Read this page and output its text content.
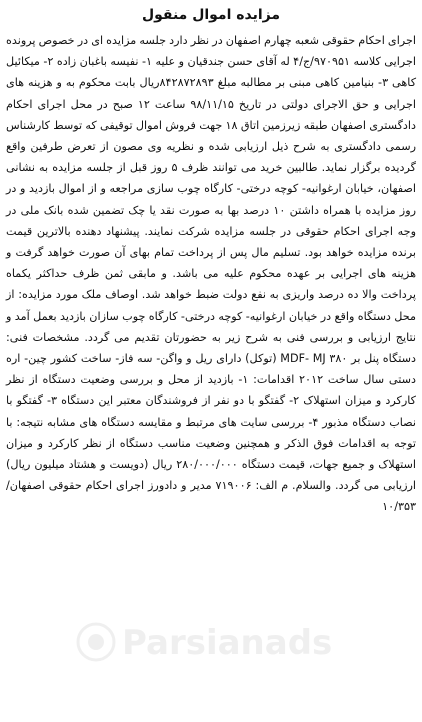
مزایده اموال منقول

اجرای احکام حقوقی شعبه چهارم اصفهان در نظر دارد جلسه مزایده ای در خصوص پرونده اجرایی کلاسه ۹۷۰۹۵۱/ج/۴ له آقای حسن جندقیان و علیه ۱- نفیسه باغبان زاده ۲- میکائیل کاهی ۳- بنیامین کاهی مبنی بر مطالبه مبلغ ۸۴۲۸۷۲۸۹۳ریال بابت محکوم به و هزینه های اجرایی و حق الاجرای دولتی در تاریخ ۹۸/۱۱/۱۵ ساعت ۱۲ صبح در محل اجرای احکام دادگستری اصفهان طبقه زیرزمین اتاق ۱۸ جهت فروش اموال توقیفی که توسط کارشناس رسمی دادگستری به شرح ذیل ارزیابی شده و نظریه وی مصون از تعرض طرفین واقع گردیده برگزار نماید. طالبین خرید می توانند ظرف ۵ روز قبل از جلسه مزایده به نشانی اصفهان، خیابان ارغوانیه- کوچه درختی- کارگاه چوب سازی مراجعه و از اموال بازدید و در روز مزایده با همراه داشتن ۱۰ درصد بها به صورت نقد یا چک تضمین شده بانک ملی در وجه اجرای احکام حقوقی در جلسه مزایده شرکت نمایند. پیشنهاد دهنده بالاترین قیمت برنده مزایده خواهد بود. تسلیم مال پس از پرداخت تمام بهای آن صورت خواهد گرفت و هزینه های اجرایی بر عهده محکوم علیه می باشد. و مابقی ثمن ظرف حداکثر یکماه پرداخت والا ده درصد واریزی به نفع دولت ضبط خواهد شد. اوصاف ملک مورد مزایده: از محل دستگاه واقع در خیابان ارغوانیه- کوچه درختی- کارگاه چوب سازان بازدید بعمل آمد و نتایج ارزیابی و بررسی فنی به شرح زیر به حضورتان تقدیم می گردد. مشخصات فنی: دستگاه پنل بر MDF- MJ ۳۸۰ (توکل) دارای ریل و واگن- سه فاز- ساخت کشور چین- اره دستی سال ساخت ۲۰۱۲ اقدامات: ۱- بازدید از محل و بررسی وضعیت دستگاه از نظر کارکرد و میزان استهلاک ۲- گفتگو با دو نفر از فروشندگان معتبر این دستگاه ۳- گفتگو با نصاب دستگاه مذبور ۴- بررسی سایت های مرتبط و مقایسه دستگاه های مشابه نتیجه: با توجه به اقدامات فوق الذکر و همچنین وضعیت مناسب دستگاه از نظر کارکرد و میزان استهلاک و جمیع جهات، قیمت دستگاه ۲۸۰/۰۰۰/۰۰۰ ریال (دویست و هشتاد میلیون ریال) ارزیابی می گردد. والسلام. م الف: ۷۱۹۰۰۶ مدیر و دادورز اجرای احکام حقوقی اصفهان/۱۰/۳۵۳

Parsianads
